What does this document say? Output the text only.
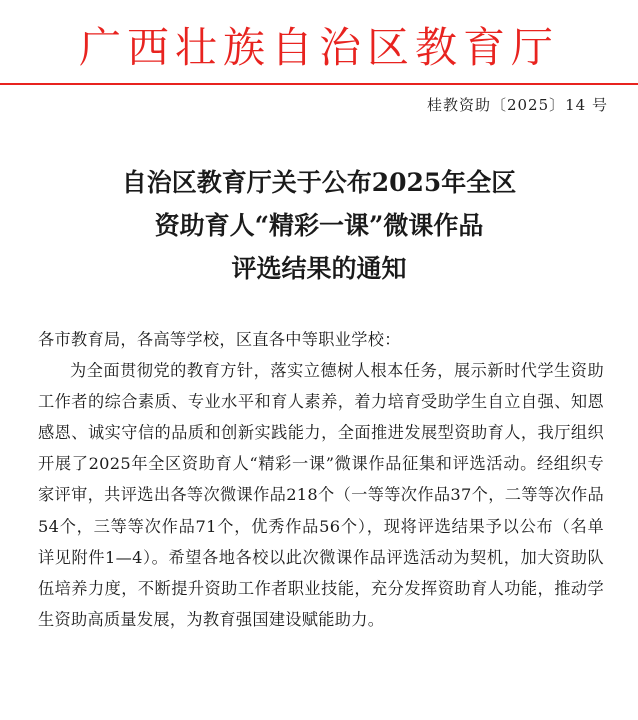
广西壮族自治区教育厅
桂教资助〔2025〕14 号
自治区教育厅关于公布2025年全区
资助育人“精彩一课”微课作品
评选结果的通知

各市教育局，各高等学校，区直各中等职业学校：

为全面贯彻党的教育方针，落实立德树人根本任务，展示新时代学生资助工作者的综合素质、专业水平和育人素养，着力培育受助学生自立自强、知恩感恩、诚实守信的品质和创新实践能力，全面推进发展型资助育人，我厅组织开展了2025年全区资助育人“精彩一课”微课作品征集和评选活动。经组织专家评审，共评选出各等次微课作品218个（一等等次作品37个，二等等次作品54个，三等等次作品71个，优秀作品56个），现将评选结果予以公布（名单详见附件1—4）。希望各地各校以此次微课作品评选活动为契机，加大资助队伍培养力度，不断提升资助工作者职业技能，充分发挥资助育人功能，推动学生资助高质量发展，为教育强国建设赋能助力。
